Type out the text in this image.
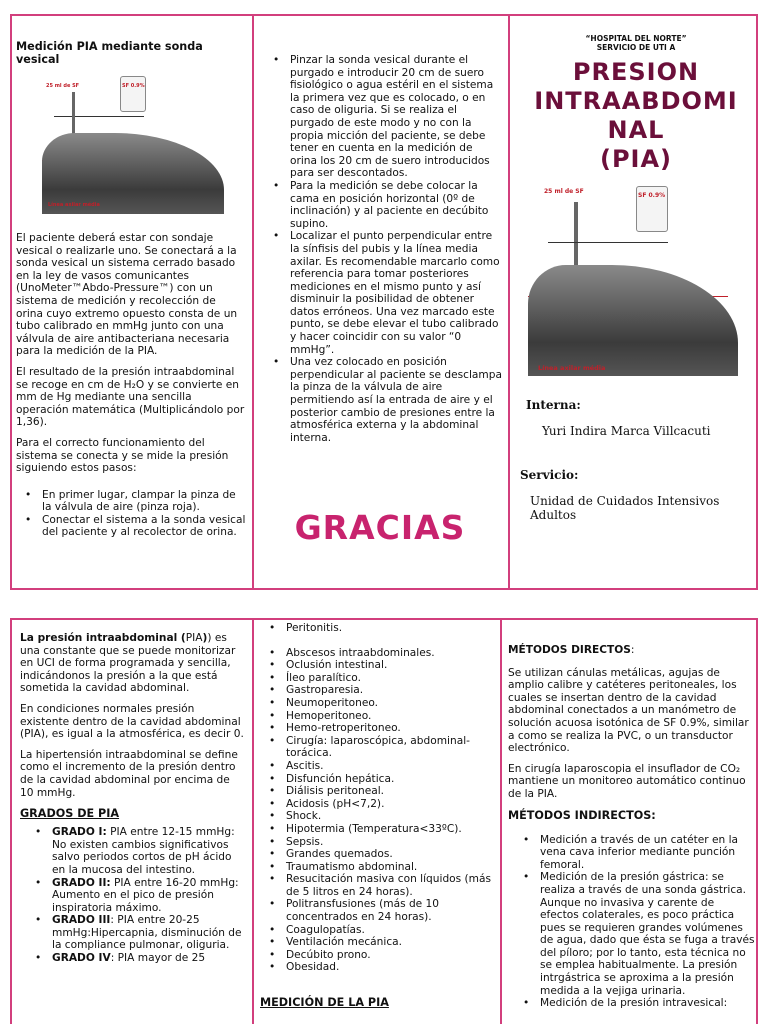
Medición PIA mediante sonda vesical
SF 0.9%
25 ml de SF
Línea axilar média

El paciente deberá estar con sondaje vesical o realizarle uno. Se conectará a la sonda vesical un sistema cerrado basado en la ley de vasos comunicantes (UnoMeter™Abdo-Pressure™) con un sistema de medición y recolección de orina cuyo extremo opuesto consta de un tubo calibrado en mmHg junto con una válvula de aire antibacteriana necesaria para la medición de la PIA.

El resultado de la presión intraabdominal se recoge en cm de H₂O y se convierte en mm de Hg mediante una sencilla operación matemática (Multiplicándolo por 1,36).

Para el correcto funcionamiento del sistema se conecta y se mide la presión siguiendo estos pasos:

• En primer lugar, clampar la pinza de la válvula de aire (pinza roja).
• Conectar el sistema a la sonda vesical del paciente y al recolector de orina.
• Pinzar la sonda vesical durante el purgado e introducir 20 cm de suero fisiológico o agua estéril en el sistema la primera vez que es colocado, o en caso de oliguria. Si se realiza el purgado de este modo y no con la propia micción del paciente, se debe tener en cuenta en la medición de orina los 20 cm de suero introducidos para ser descontados.
• Para la medición se debe colocar la cama en posición horizontal (0º de inclinación) y al paciente en decúbito supino.
• Localizar el punto perpendicular entre la sínfisis del pubis y la línea media axilar. Es recomendable marcarlo como referencia para tomar posteriores mediciones en el mismo punto y así disminuir la posibilidad de obtener datos erróneos. Una vez marcado este punto, se debe elevar el tubo calibrado y hacer coincidir con su valor “0 mmHg”.
• Una vez colocado en posición perpendicular al paciente se desclampa la pinza de la válvula de aire permitiendo así la entrada de aire y el posterior cambio de presiones entre la atmosférica externa y la abdominal interna.
GRACIAS
“HOSPITAL DEL NORTE”
SERVICIO DE UTI A
PRESION
INTRAABDOMI
NAL
(PIA)
SF 0.9%
25 ml de SF
Línea axilar média
Interna:
Yuri Indira Marca Villcacuti
Servicio:
Unidad de Cuidados Intensivos Adultos

La presión intraabdominal (PIA)) es una constante que se puede monitorizar en UCI de forma programada y sencilla, indicándonos la presión a la que está sometida la cavidad abdominal.

En condiciones normales presión existente dentro de la cavidad abdominal (PIA), es igual a la atmosférica, es decir 0.

La hipertensión intraabdominal se define como el incremento de la presión dentro de la cavidad abdominal por encima de 10 mmHg.

GRADOS DE PIA
• GRADO I: PIA entre 12-15 mmHg: No existen cambios significativos salvo periodos cortos de pH ácido en la mucosa del intestino.
• GRADO II: PIA entre 16-20 mmHg: Aumento en el pico de presión inspiratoria máximo.
• GRADO III: PIA entre 20-25 mmHg:Hipercapnia, disminución de la compliance pulmonar, oliguria.
• GRADO IV: PIA mayor de 25
• Peritonitis.
• Abscesos intraabdominales.
• Oclusión intestinal.
• Íleo paralítico.
• Gastroparesia.
• Neumoperitoneo.
• Hemoperitoneo.
• Hemo-retroperitoneo.
• Cirugía: laparoscópica, abdominal-torácica.
• Ascitis.
• Disfunción hepática.
• Diálisis peritoneal.
• Acidosis (pH<7,2).
• Shock.
• Hipotermia (Temperatura<33ºC).
• Sepsis.
• Grandes quemados.
• Traumatismo abdominal.
• Resucitación masiva con líquidos (más de 5 litros en 24 horas).
• Politransfusiones (más de 10 concentrados en 24 horas).
• Coagulopatías.
• Ventilación mecánica.
• Decúbito prono.
• Obesidad.
MEDICIÓN DE LA PIA

MÉTODOS DIRECTOS:

Se utilizan cánulas metálicas, agujas de amplio calibre y catéteres peritoneales, los cuales se insertan dentro de la cavidad abdominal conectados a un manómetro de solución acuosa isotónica de SF 0.9%, similar a como se realiza la PVC, o un transductor electrónico.

En cirugía laparoscopia el insuflador de CO₂ mantiene un monitoreo automático continuo de la PIA.

MÉTODOS INDIRECTOS:
• Medición a través de un catéter en la vena cava inferior mediante punción femoral.
• Medición de la presión gástrica: se realiza a través de una sonda gástrica. Aunque no invasiva y carente de efectos colaterales, es poco práctica pues se requieren grandes volúmenes de agua, dado que ésta se fuga a través del píloro; por lo tanto, esta técnica no se emplea habitualmente. La presión intrgástrica se aproxima a la presión medida a la vejiga urinaria.
• Medición de la presión intravesical:
